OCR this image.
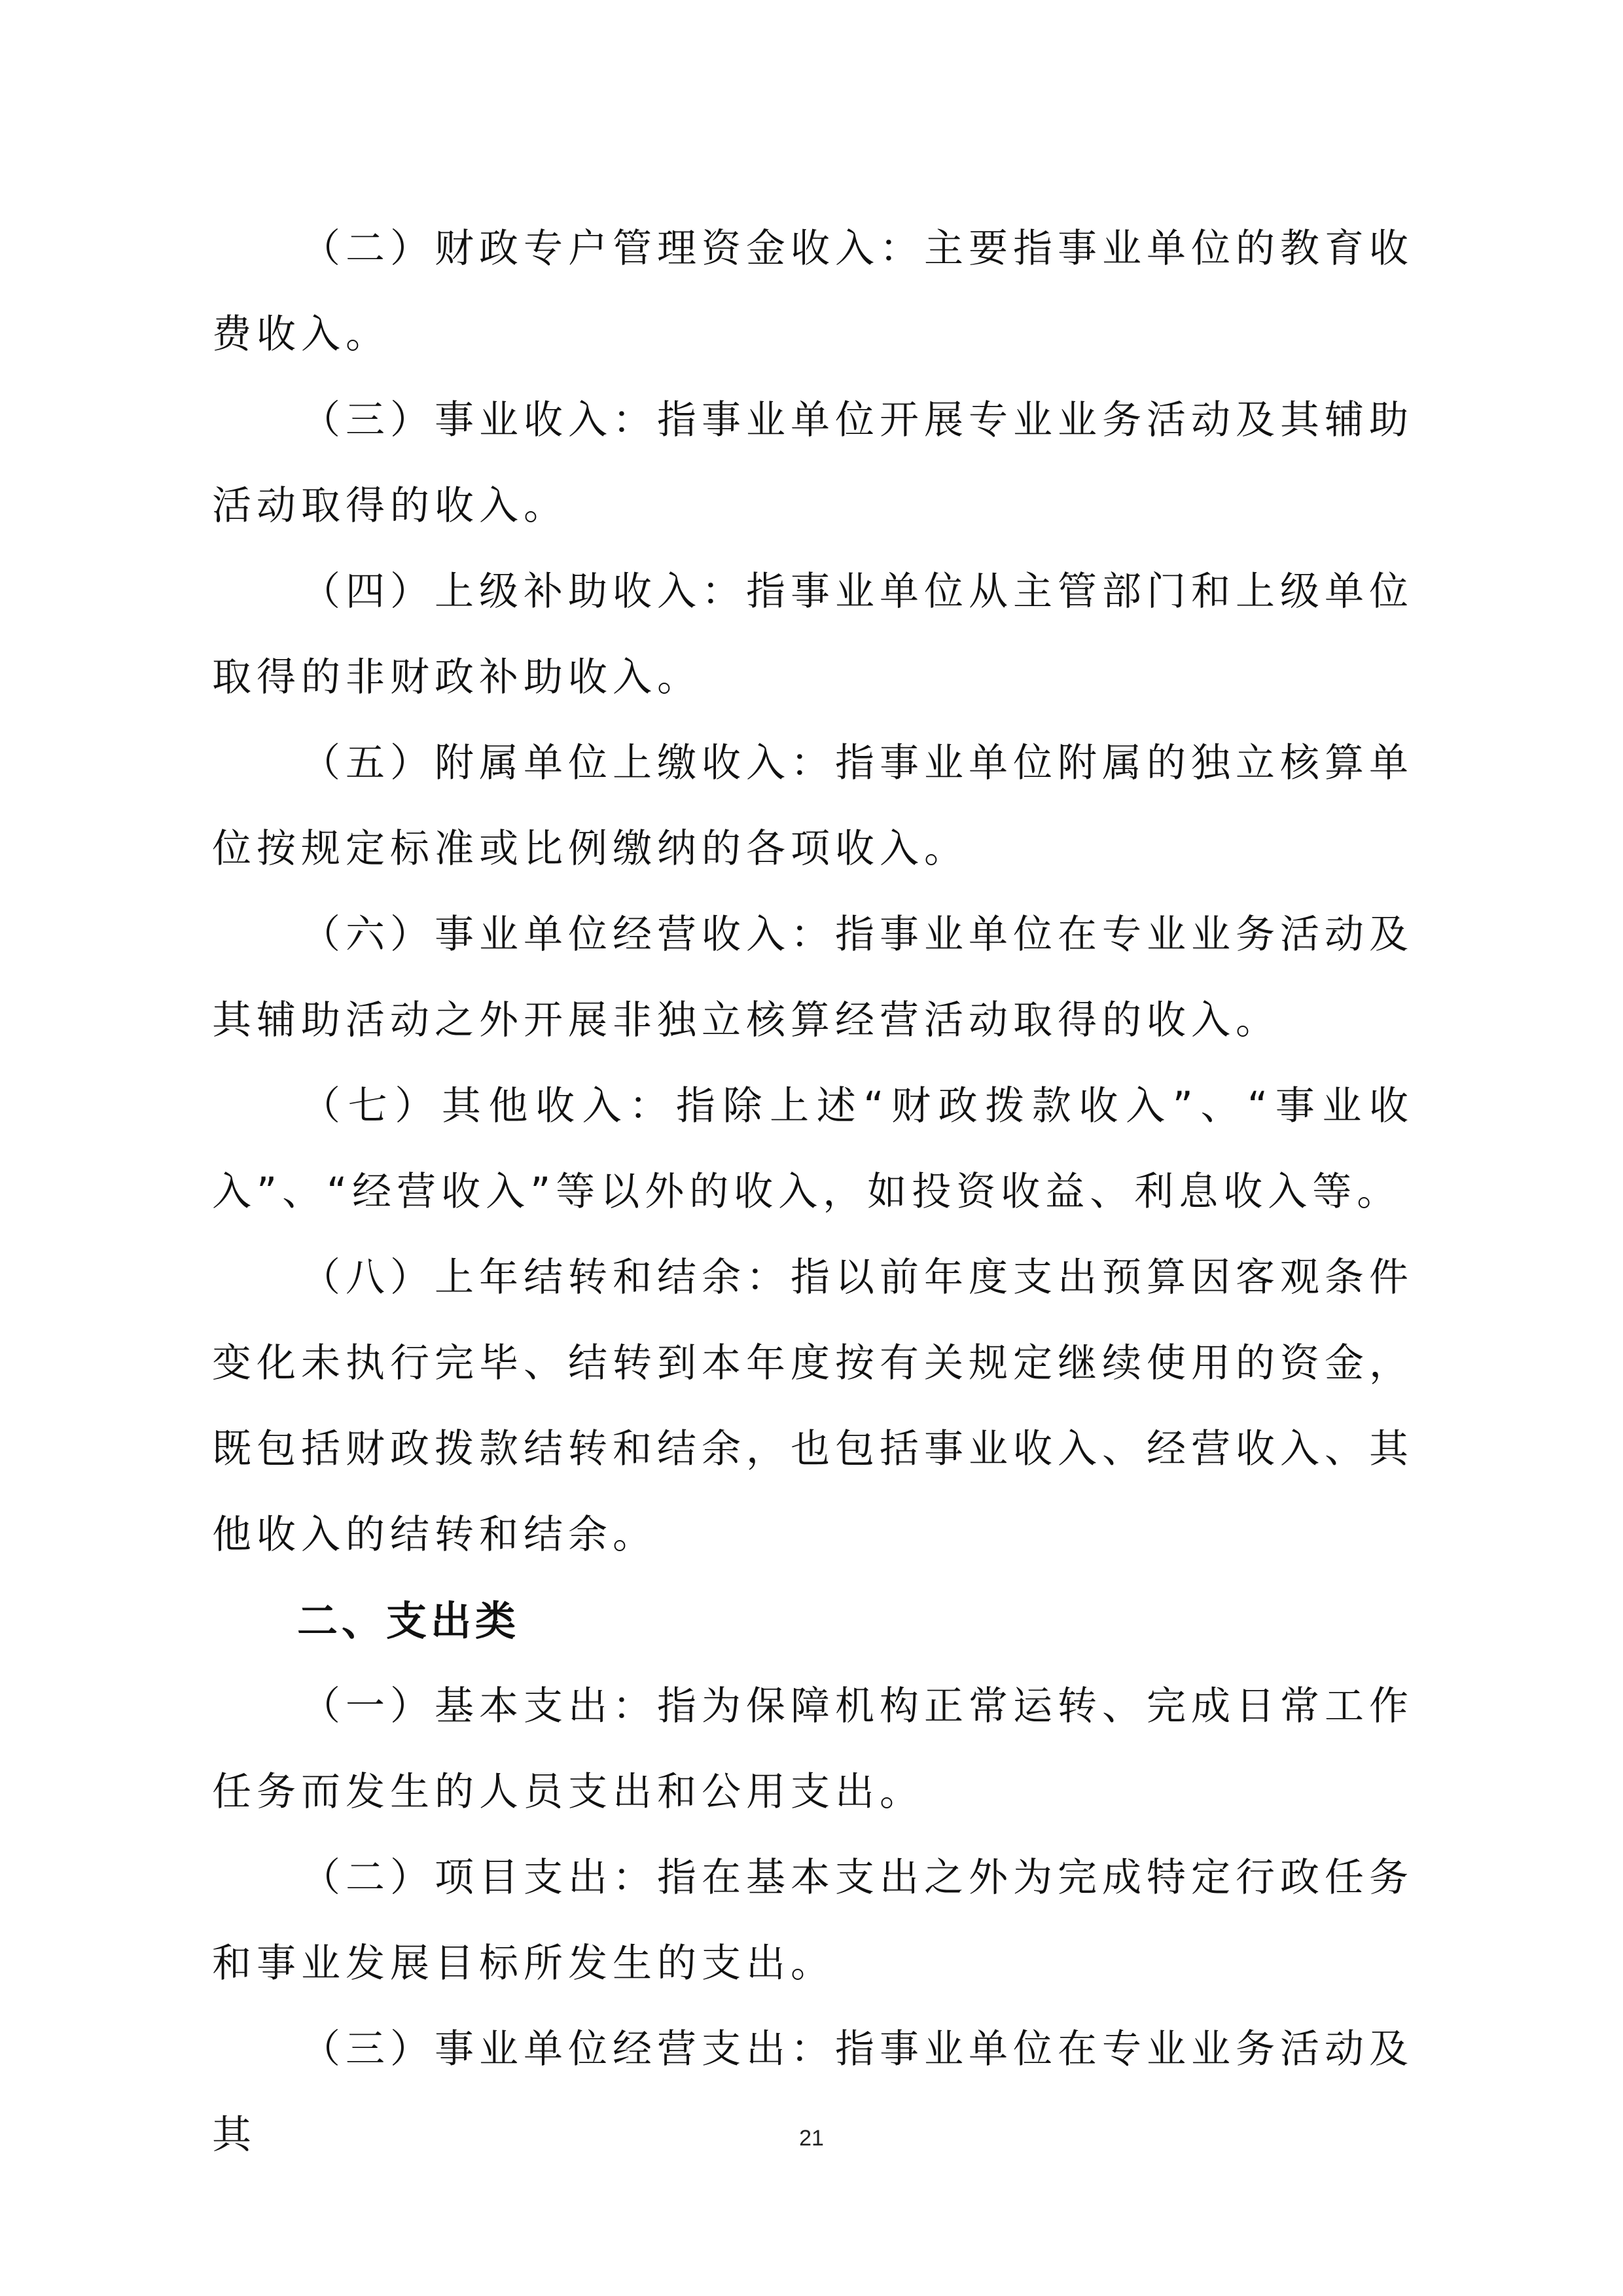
（二）财政专户管理资金收入：主要指事业单位的教育收费收入。

（三）事业收入：指事业单位开展专业业务活动及其辅助活动取得的收入。

（四）上级补助收入：指事业单位从主管部门和上级单位取得的非财政补助收入。

（五）附属单位上缴收入：指事业单位附属的独立核算单位按规定标准或比例缴纳的各项收入。

（六）事业单位经营收入：指事业单位在专业业务活动及其辅助活动之外开展非独立核算经营活动取得的收入。

（七）其他收入：指除上述“财政拨款收入”、“事业收入”、“经营收入”等以外的收入，如投资收益、利息收入等。

（八）上年结转和结余：指以前年度支出预算因客观条件变化未执行完毕、结转到本年度按有关规定继续使用的资金，既包括财政拨款结转和结余，也包括事业收入、经营收入、其他收入的结转和结余。

二、支出类

（一）基本支出：指为保障机构正常运转、完成日常工作任务而发生的人员支出和公用支出。

（二）项目支出：指在基本支出之外为完成特定行政任务和事业发展目标所发生的支出。

（三）事业单位经营支出：指事业单位在专业业务活动及其	21
